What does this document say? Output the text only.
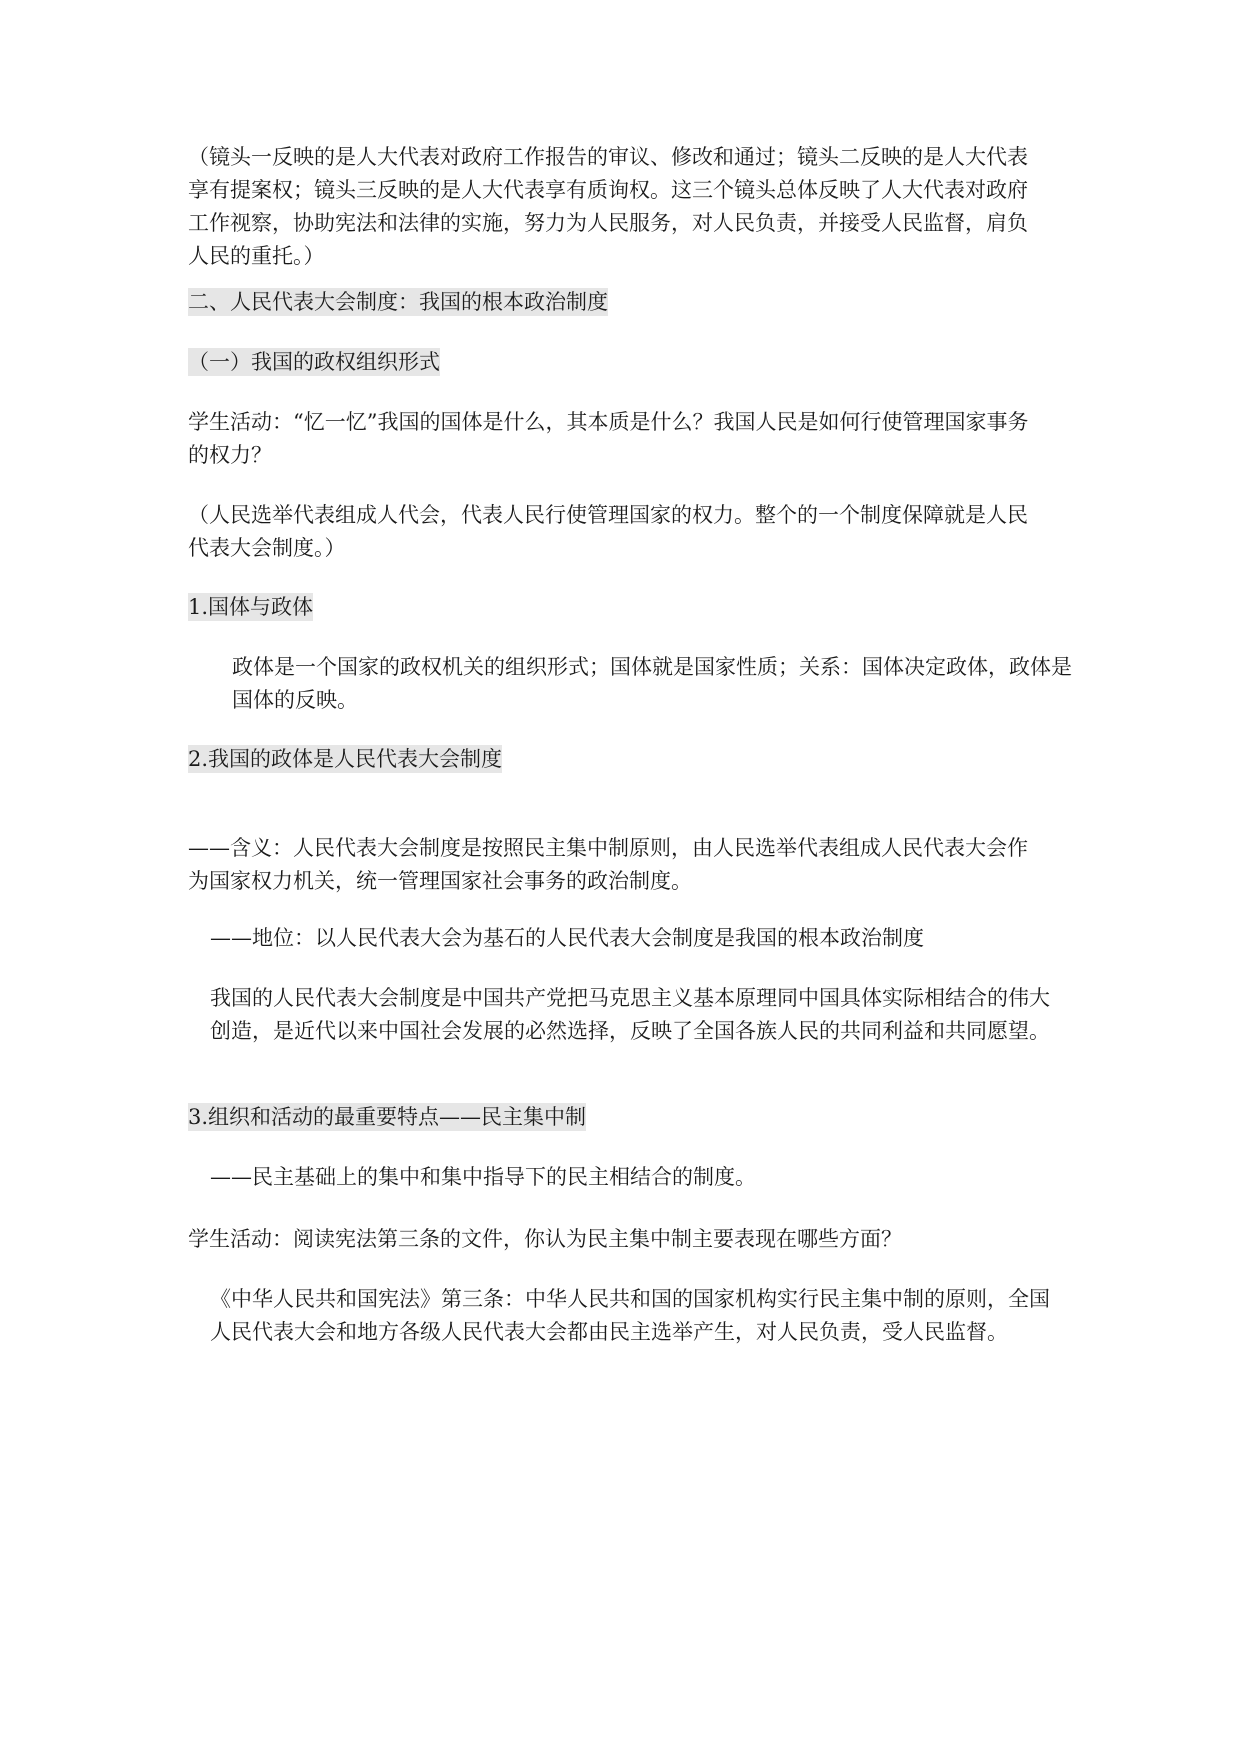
（镜头一反映的是人大代表对政府工作报告的审议、修改和通过；镜头二反映的是人大代表享有提案权；镜头三反映的是人大代表享有质询权。这三个镜头总体反映了人大代表对政府工作视察，协助宪法和法律的实施，努力为人民服务，对人民负责，并接受人民监督，肩负人民的重托。）

二、人民代表大会制度：我国的根本政治制度

（一）我国的政权组织形式

学生活动：“忆一忆”我国的国体是什么，其本质是什么？我国人民是如何行使管理国家事务的权力？

（人民选举代表组成人代会，代表人民行使管理国家的权力。整个的一个制度保障就是人民代表大会制度。）

1.国体与政体

政体是一个国家的政权机关的组织形式；国体就是国家性质；关系：国体决定政体，政体是国体的反映。

2.我国的政体是人民代表大会制度

——含义：人民代表大会制度是按照民主集中制原则，由人民选举代表组成人民代表大会作为国家权力机关，统一管理国家社会事务的政治制度。

——地位：以人民代表大会为基石的人民代表大会制度是我国的根本政治制度

我国的人民代表大会制度是中国共产党把马克思主义基本原理同中国具体实际相结合的伟大创造，是近代以来中国社会发展的必然选择，反映了全国各族人民的共同利益和共同愿望。

3.组织和活动的最重要特点——民主集中制

——民主基础上的集中和集中指导下的民主相结合的制度。

学生活动：阅读宪法第三条的文件，你认为民主集中制主要表现在哪些方面？

《中华人民共和国宪法》第三条：中华人民共和国的国家机构实行民主集中制的原则，全国人民代表大会和地方各级人民代表大会都由民主选举产生，对人民负责，受人民监督。
